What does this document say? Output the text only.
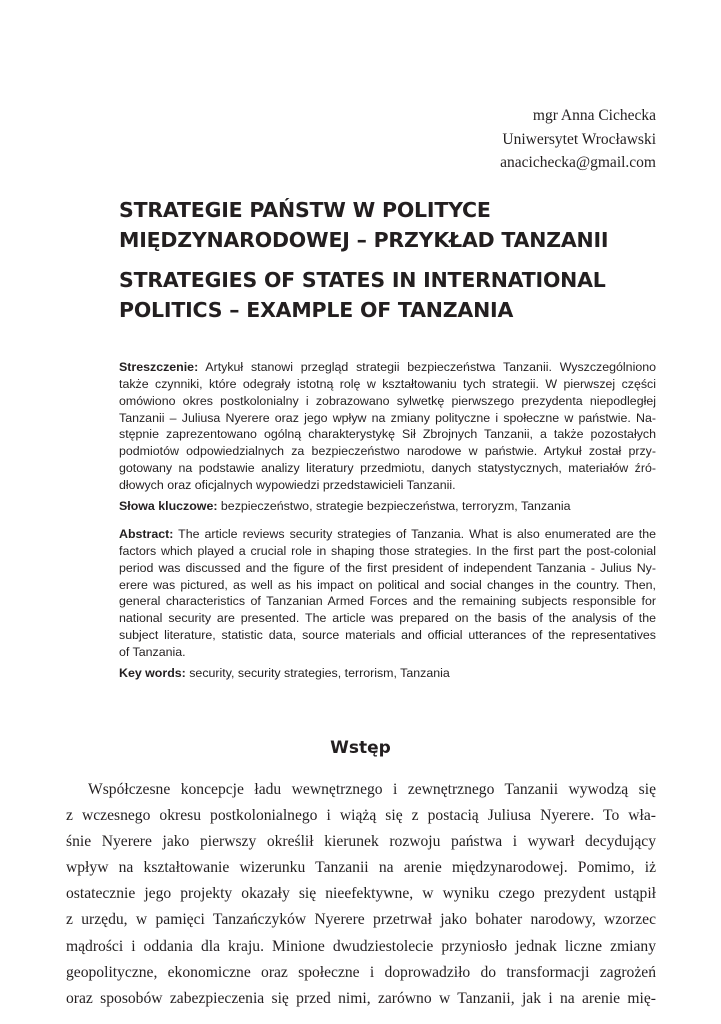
mgr Anna Cichecka
Uniwersytet Wrocławski
anacichecka@gmail.com
STRATEGIE PAŃSTW W POLITYCE
MIĘDZYNARODOWEJ – PRZYKŁAD TANZANII
STRATEGIES OF STATES IN INTERNATIONAL
POLITICS – EXAMPLE OF TANZANIA
Streszczenie: Artykuł stanowi przegląd strategii bezpieczeństwa Tanzanii. Wyszczególniono
także czynniki, które odegrały istotną rolę w kształtowaniu tych strategii. W pierwszej części
omówiono okres postkolonialny i zobrazowano sylwetkę pierwszego prezydenta niepodległej
Tanzanii – Juliusa Nyerere oraz jego wpływ na zmiany polityczne i społeczne w państwie. Na-
stępnie zaprezentowano ogólną charakterystykę Sił Zbrojnych Tanzanii, a także pozostałych
podmiotów odpowiedzialnych za bezpieczeństwo narodowe w państwie. Artykuł został przy-
gotowany na podstawie analizy literatury przedmiotu, danych statystycznych, materiałów źró-
dłowych oraz oficjalnych wypowiedzi przedstawicieli Tanzanii.
Słowa kluczowe: bezpieczeństwo, strategie bezpieczeństwa, terroryzm, Tanzania
Abstract: The article reviews security strategies of Tanzania. What is also enumerated are the
factors which played a crucial role in shaping those strategies. In the first part the post-colonial
period was discussed and the figure of the first president of independent Tanzania - Julius Ny-
erere was pictured, as well as his impact on political and social changes in the country. Then,
general characteristics of Tanzanian Armed Forces and the remaining subjects responsible for
national security are presented. The article was prepared on the basis of the analysis of the
subject literature, statistic data, source materials and official utterances of the representatives
of Tanzania.
Key words: security, security strategies, terrorism, Tanzania
Wstęp
Współczesne koncepcje ładu wewnętrznego i zewnętrznego Tanzanii wywodzą się
z wczesnego okresu postkolonialnego i wiążą się z postacią Juliusa Nyerere. To wła-
śnie Nyerere jako pierwszy określił kierunek rozwoju państwa i wywarł decydujący
wpływ na kształtowanie wizerunku Tanzanii na arenie międzynarodowej. Pomimo, iż
ostatecznie jego projekty okazały się nieefektywne, w wyniku czego prezydent ustąpił
z urzędu, w pamięci Tanzańczyków Nyerere przetrwał jako bohater narodowy, wzorzec
mądrości i oddania dla kraju. Minione dwudziestolecie przyniosło jednak liczne zmiany
geopolityczne, ekonomiczne oraz społeczne i doprowadziło do transformacji zagrożeń
oraz sposobów zabezpieczenia się przed nimi, zarówno w Tanzanii, jak i na arenie mię-
